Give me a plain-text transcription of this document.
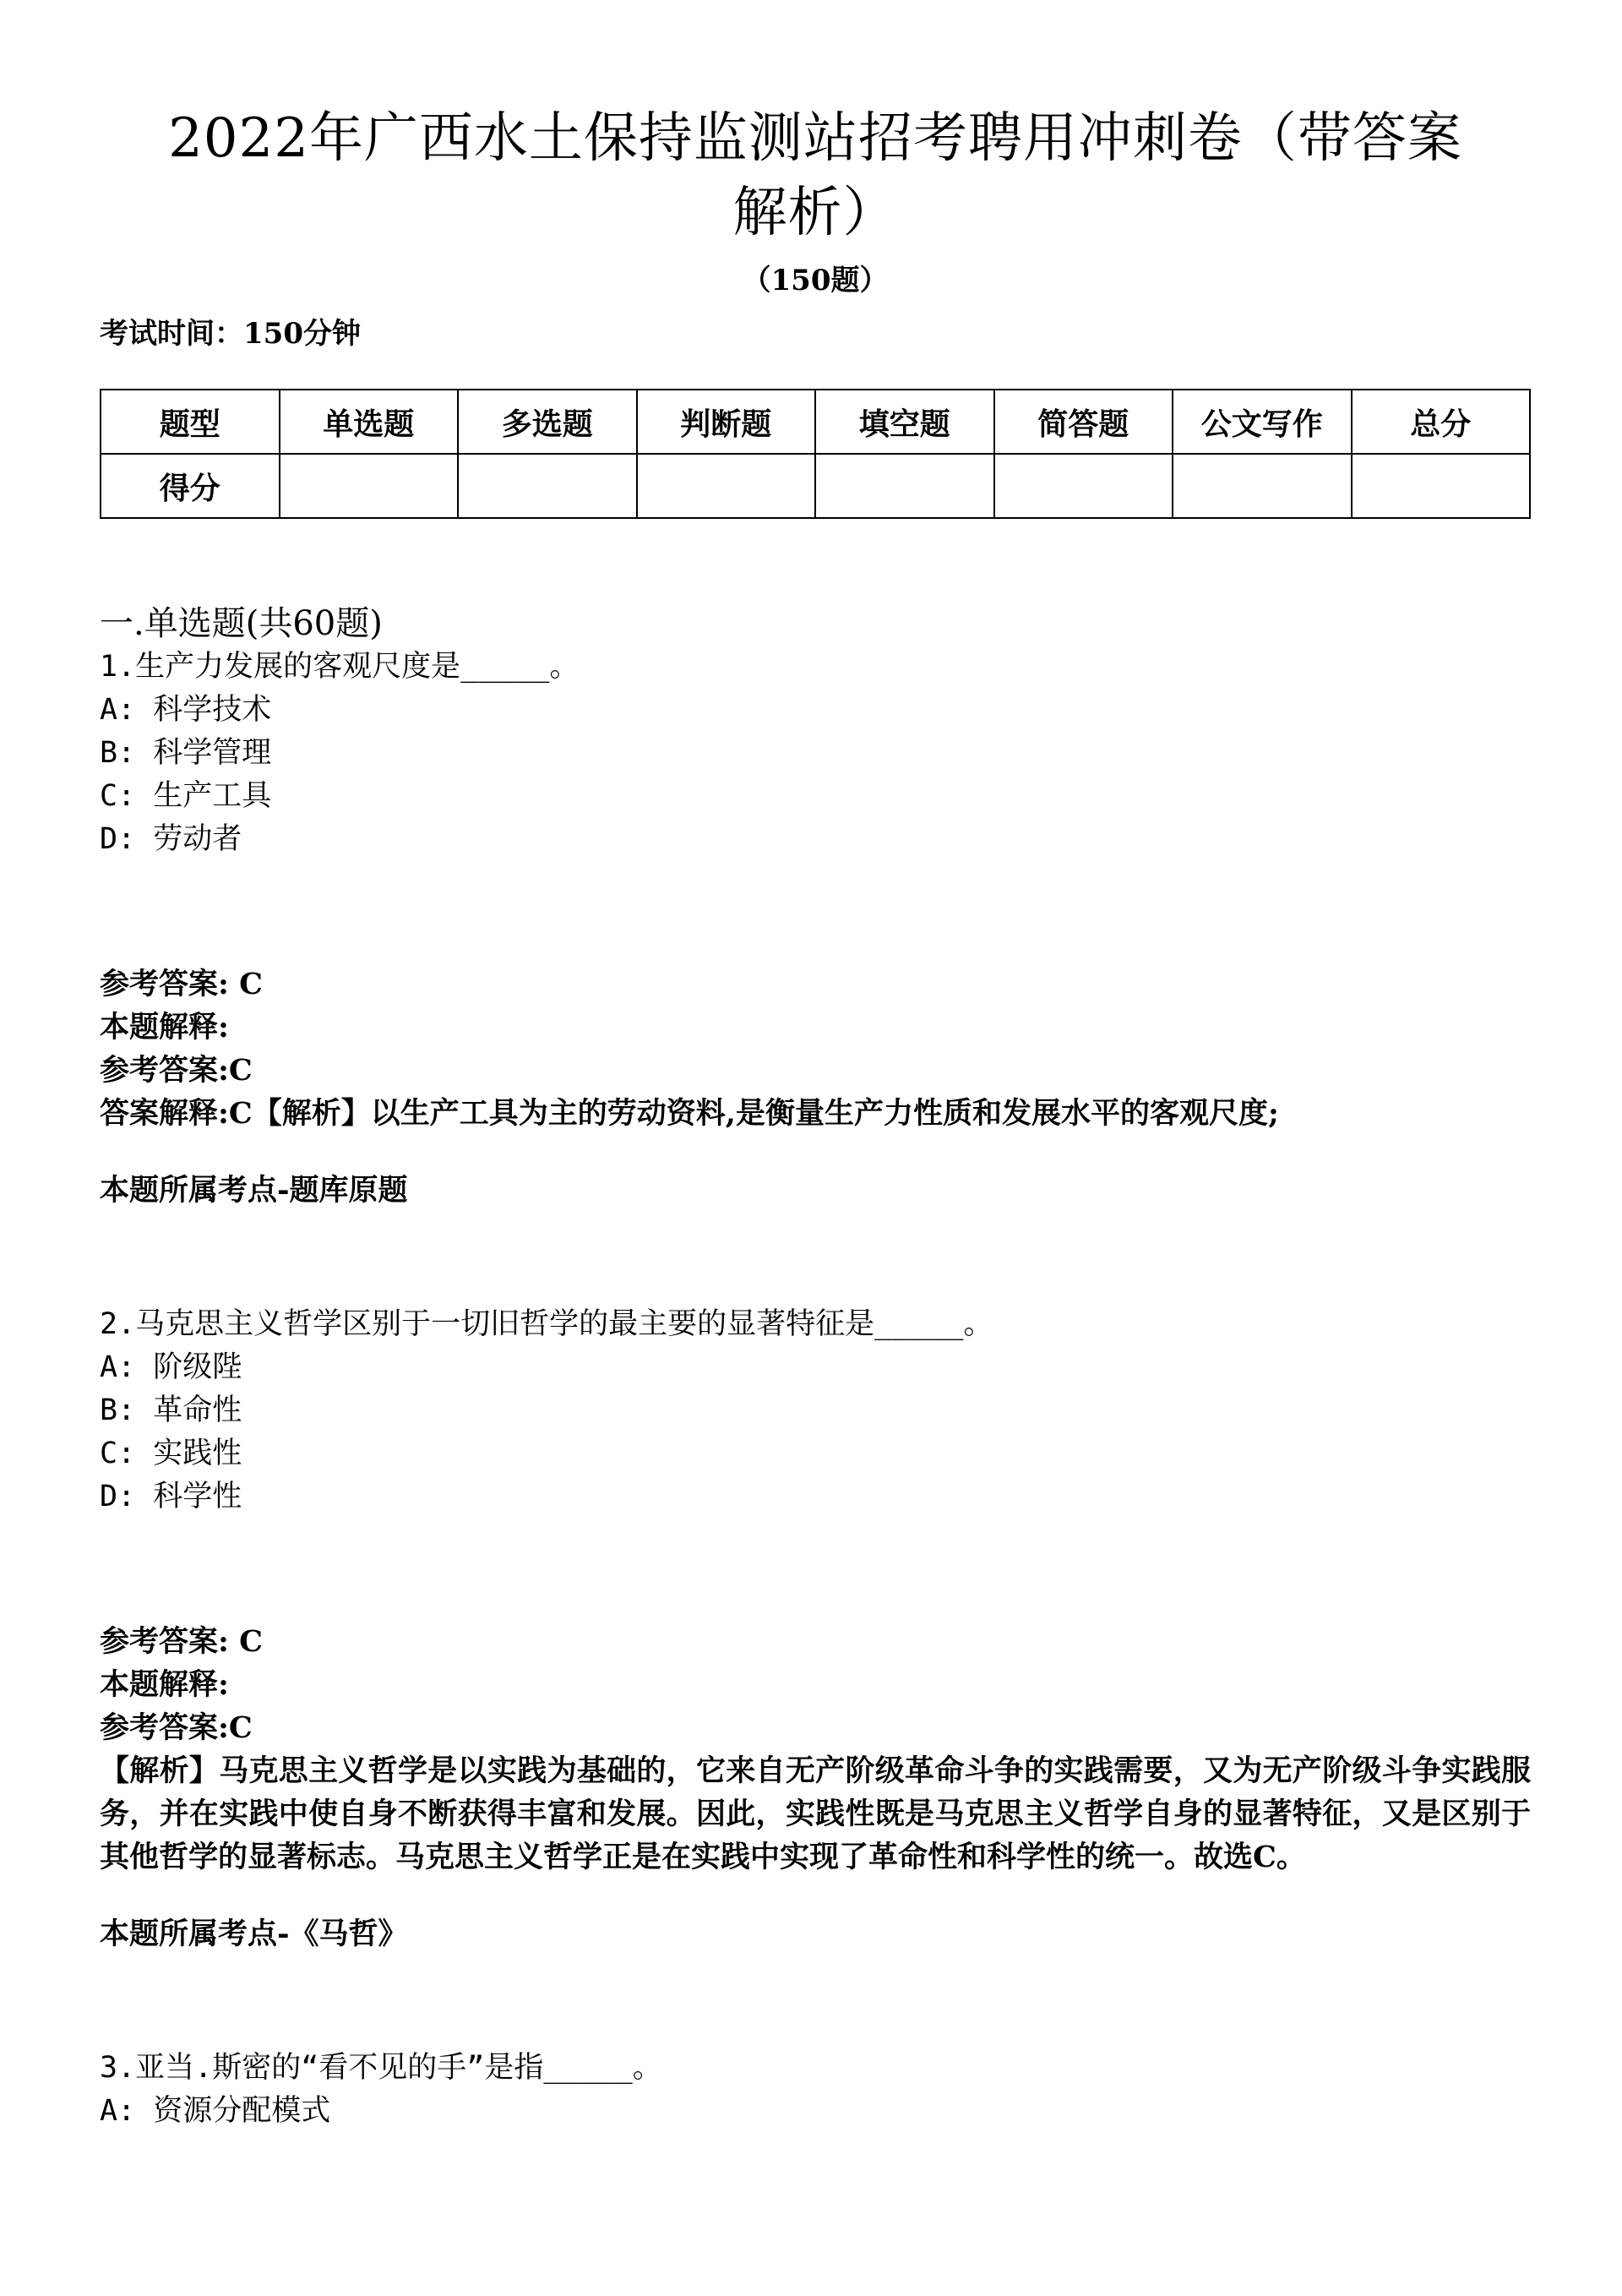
2022年广西水土保持监测站招考聘用冲刺卷（带答案
解析）
（150题）
考试时间：150分钟
题型	单选题	多选题	判断题	填空题	简答题	公文写作	总分
得分							
一.单选题(共60题)
1.生产力发展的客观尺度是_____。
A: 科学技术
B: 科学管理
C: 生产工具
D: 劳动者
参考答案: C
本题解释:
参考答案:C
答案解释:C【解析】以生产工具为主的劳动资料,是衡量生产力性质和发展水平的客观尺度;
本题所属考点-题库原题
2.马克思主义哲学区别于一切旧哲学的最主要的显著特征是_____。
A: 阶级陛
B: 革命性
C: 实践性
D: 科学性
参考答案: C
本题解释:
参考答案:C
【解析】马克思主义哲学是以实践为基础的，它来自无产阶级革命斗争的实践需要，又为无产阶级斗争实践服务，并在实践中使自身不断获得丰富和发展。因此，实践性既是马克思主义哲学自身的显著特征，又是区别于其他哲学的显著标志。马克思主义哲学正是在实践中实现了革命性和科学性的统一。故选C。
本题所属考点-《马哲》
3.亚当.斯密的“看不见的手”是指_____。
A: 资源分配模式
